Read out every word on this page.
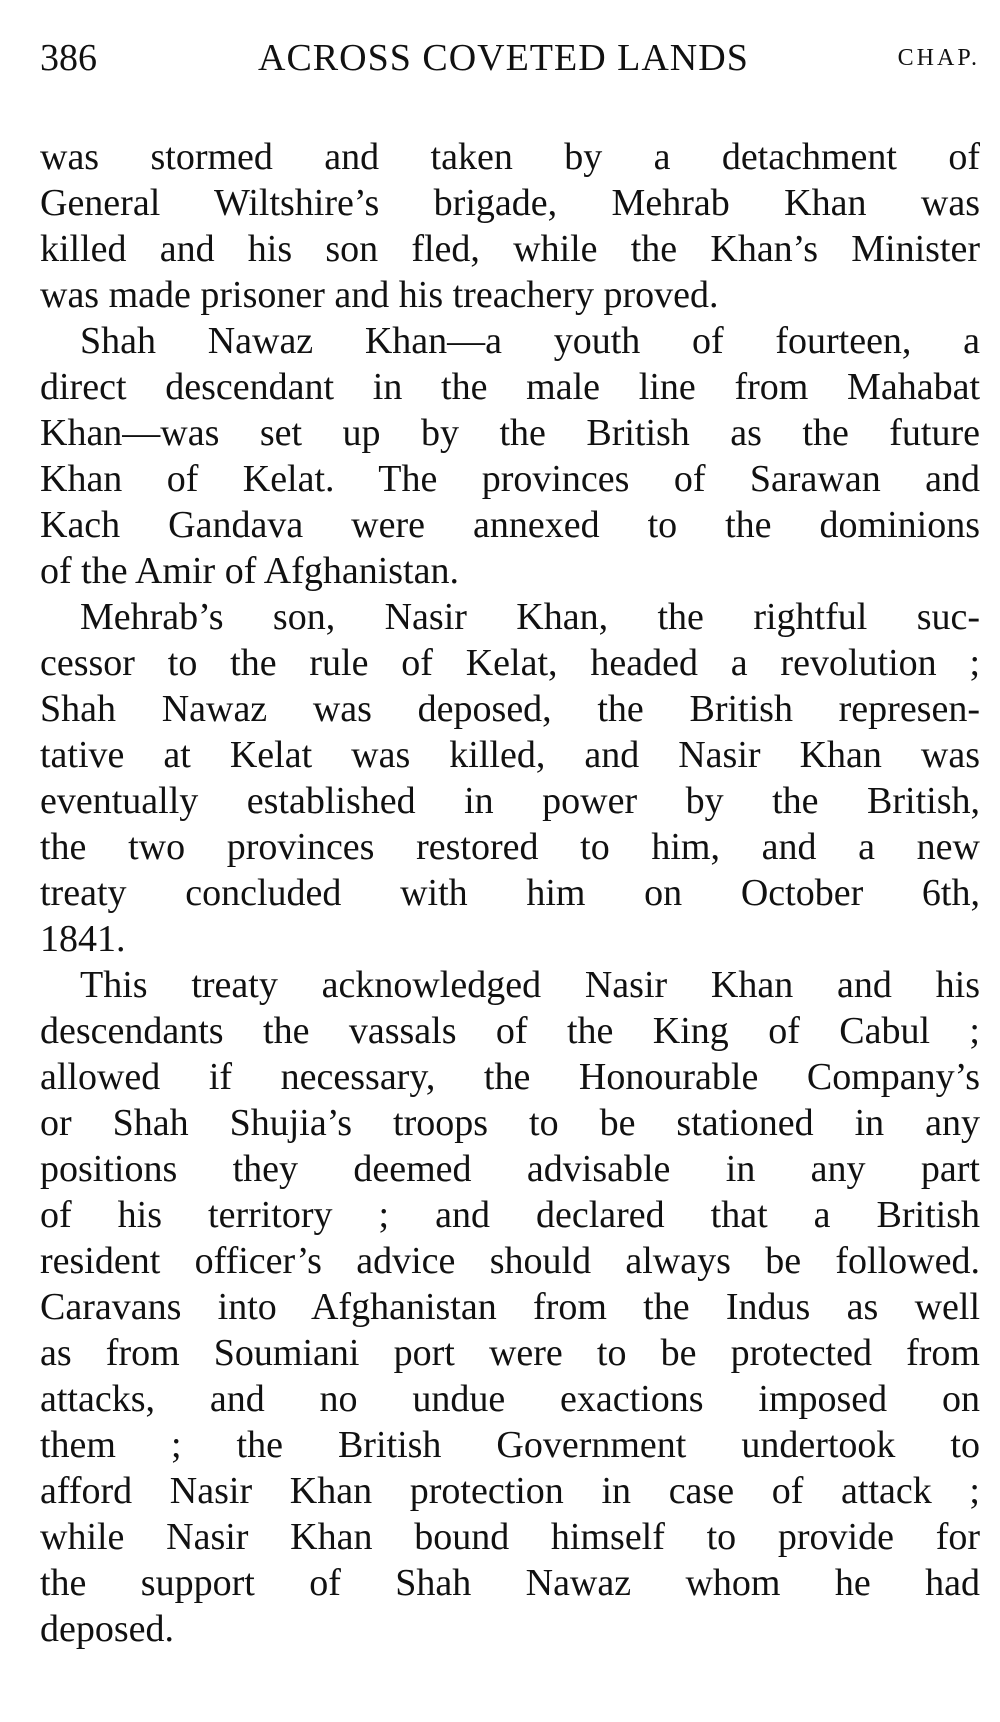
386	ACROSS COVETED LANDS	CHAP.

was stormed and taken by a detachment of
General Wiltshire’s brigade, Mehrab Khan was
killed and his son fled, while the Khan’s Minister
was made prisoner and his treachery proved.

Shah Nawaz Khan—a youth of fourteen, a
direct descendant in the male line from Mahabat
Khan—was set up by the British as the future
Khan of Kelat. The provinces of Sarawan and
Kach Gandava were annexed to the dominions
of the Amir of Afghanistan.

Mehrab’s son, Nasir Khan, the rightful suc-
cessor to the rule of Kelat, headed a revolution ;
Shah Nawaz was deposed, the British represen-
tative at Kelat was killed, and Nasir Khan was
eventually established in power by the British,
the two provinces restored to him, and a new
treaty concluded with him on October 6th,
1841.

This treaty acknowledged Nasir Khan and his
descendants the vassals of the King of Cabul ;
allowed if necessary, the Honourable Company’s
or Shah Shujia’s troops to be stationed in any
positions they deemed advisable in any part
of his territory ; and declared that a British
resident officer’s advice should always be followed.
Caravans into Afghanistan from the Indus as well
as from Soumiani port were to be protected from
attacks, and no undue exactions imposed on
them ; the British Government undertook to
afford Nasir Khan protection in case of attack ;
while Nasir Khan bound himself to provide for
the support of Shah Nawaz whom he had
deposed.
